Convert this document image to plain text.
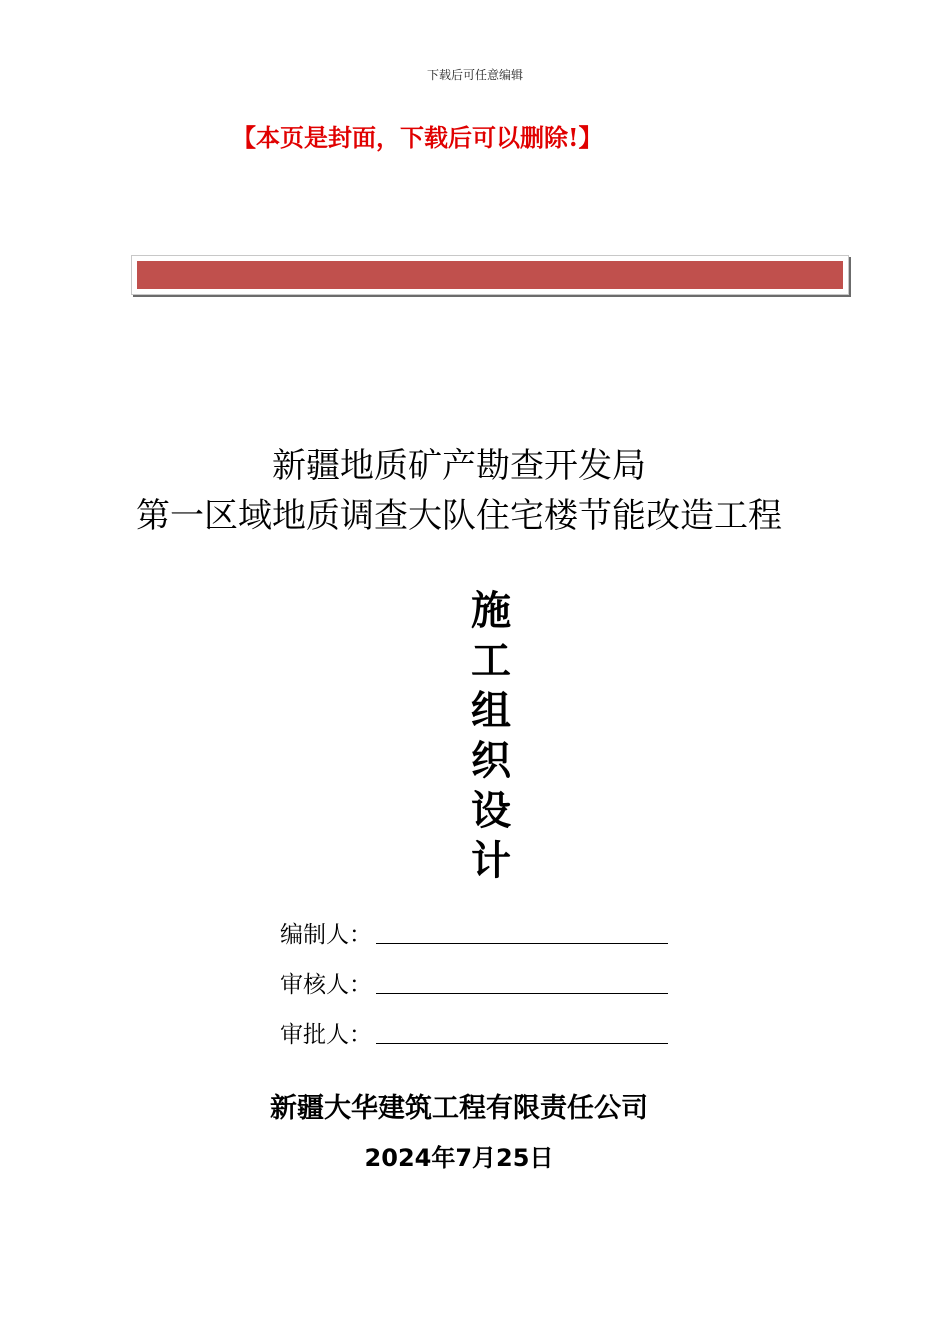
下载后可任意编辑
【本页是封面，下载后可以删除!】
新疆地质矿产勘查开发局
第一区域地质调查大队住宅楼节能改造工程
施
工
组
织
设
计
编制人：
审核人：
审批人：
新疆大华建筑工程有限责任公司
2024年7月25日
